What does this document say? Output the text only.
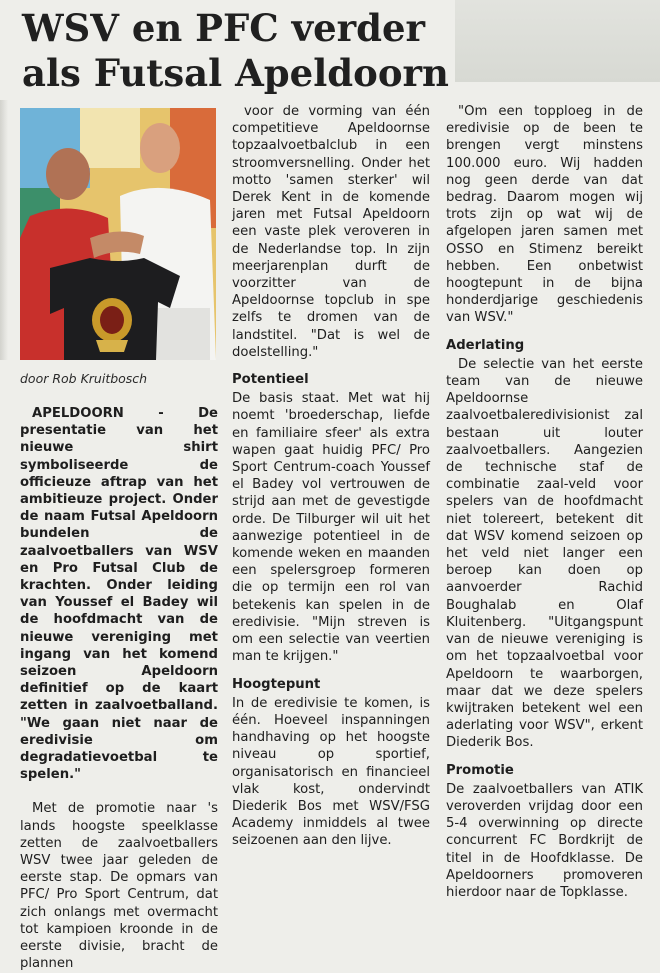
WSV en PFC verder als Futsal Apeldoorn

door Rob Kruitbosch

APELDOORN - De presentatie van het nieuwe shirt symboliseerde de officieuze aftrap van het ambitieuze project. Onder de naam Futsal Apeldoorn bundelen de zaalvoetballers van WSV en Pro Futsal Club de krachten. Onder leiding van Youssef el Badey wil de hoofdmacht van de nieuwe vereniging met ingang van het komend seizoen Apeldoorn definitief op de kaart zetten in zaalvoetballand. "We gaan niet naar de eredivisie om degradatievoetbal te spelen."

Met de promotie naar 's lands hoogste speelklasse zetten de zaalvoetballers WSV twee jaar geleden de eerste stap. De opmars van PFC/ Pro Sport Centrum, dat zich onlangs met overmacht tot kampioen kroonde in de eerste divisie, bracht de plannen

voor de vorming van één competitieve Apeldoornse topzaalvoetbalclub in een stroomversnelling. Onder het motto 'samen sterker' wil Derek Kent in de komende jaren met Futsal Apeldoorn een vaste plek veroveren in de Nederlandse top. In zijn meerjarenplan durft de voorzitter van de Apeldoornse topclub in spe zelfs te dromen van de landstitel. "Dat is wel de doelstelling."

Potentieel

De basis staat. Met wat hij noemt 'broederschap, liefde en familiaire sfeer' als extra wapen gaat huidig PFC/ Pro Sport Centrum-coach Youssef el Badey vol vertrouwen de strijd aan met de gevestigde orde. De Tilburger wil uit het aanwezige potentieel in de komende weken en maanden een spelersgroep formeren die op termijn een rol van betekenis kan spelen in de eredivisie. "Mijn streven is om een selectie van veertien man te krijgen."

Hoogtepunt

In de eredivisie te komen, is één. Hoeveel inspanningen handhaving op het hoogste niveau op sportief, organisatorisch en financieel vlak kost, ondervindt Diederik Bos met WSV/FSG Academy inmiddels al twee seizoenen aan den lijve.

"Om een topploeg in de eredivisie op de been te brengen vergt minstens 100.000 euro. Wij hadden nog geen derde van dat bedrag. Daarom mogen wij trots zijn op wat wij de afgelopen jaren samen met OSSO en Stimenz bereikt hebben. Een onbetwist hoogtepunt in de bijna honderdjarige geschiedenis van WSV."

Aderlating

De selectie van het eerste team van de nieuwe Apeldoornse zaalvoetbaleredivisionist zal bestaan uit louter zaalvoetballers. Aangezien de technische staf de combinatie zaal-veld voor spelers van de hoofdmacht niet tolereert, betekent dit dat WSV komend seizoen op het veld niet langer een beroep kan doen op aanvoerder Rachid Boughalab en Olaf Kluitenberg. "Uitgangspunt van de nieuwe vereniging is om het topzaalvoetbal voor Apeldoorn te waarborgen, maar dat we deze spelers kwijtraken betekent wel een aderlating voor WSV", erkent Diederik Bos.

Promotie

De zaalvoetballers van ATIK veroverden vrijdag door een 5-4 overwinning op directe concurrent FC Bordkrijt de titel in de Hoofdklasse. De Apeldoorners promoveren hierdoor naar de Topklasse.
